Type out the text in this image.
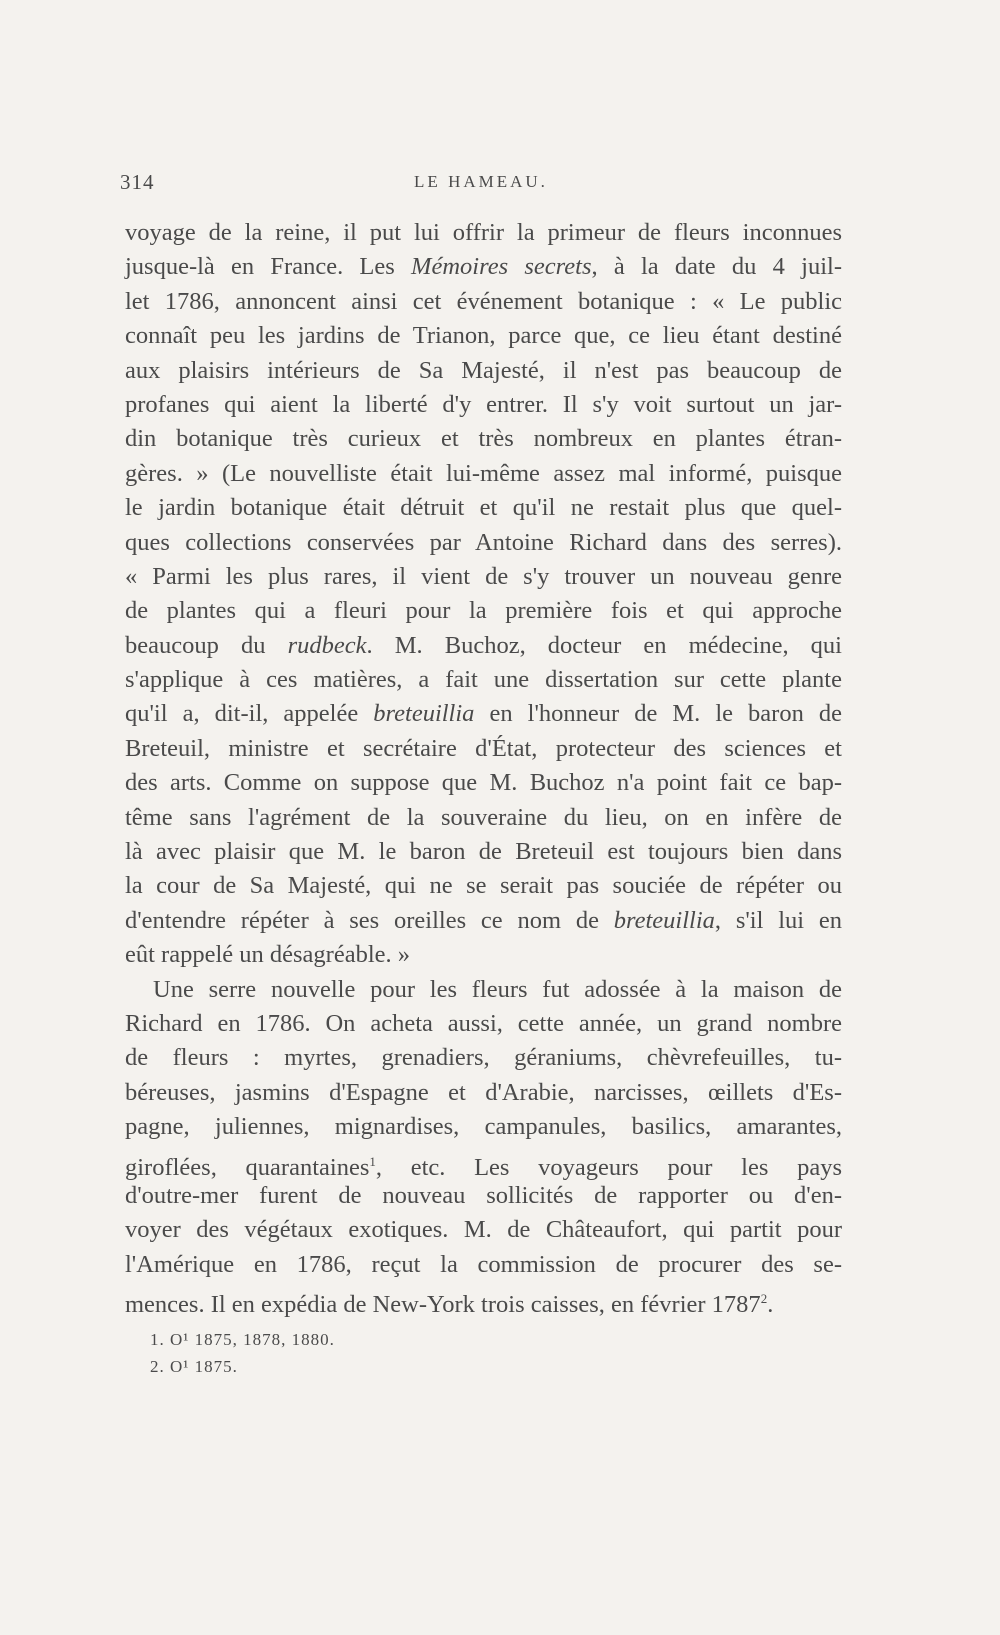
314	LE HAMEAU.
voyage de la reine, il put lui offrir la primeur de fleurs inconnues
jusque-là en France. Les Mémoires secrets, à la date du 4 juil-
let 1786, annoncent ainsi cet événement botanique : « Le public
connaît peu les jardins de Trianon, parce que, ce lieu étant destiné
aux plaisirs intérieurs de Sa Majesté, il n'est pas beaucoup de
profanes qui aient la liberté d'y entrer. Il s'y voit surtout un jar-
din botanique très curieux et très nombreux en plantes étran-
gères. » (Le nouvelliste était lui-même assez mal informé, puisque
le jardin botanique était détruit et qu'il ne restait plus que quel-
ques collections conservées par Antoine Richard dans des serres).
« Parmi les plus rares, il vient de s'y trouver un nouveau genre
de plantes qui a fleuri pour la première fois et qui approche
beaucoup du rudbeck. M. Buchoz, docteur en médecine, qui
s'applique à ces matières, a fait une dissertation sur cette plante
qu'il a, dit-il, appelée breteuillia en l'honneur de M. le baron de
Breteuil, ministre et secrétaire d'État, protecteur des sciences et
des arts. Comme on suppose que M. Buchoz n'a point fait ce bap-
tême sans l'agrément de la souveraine du lieu, on en infère de
là avec plaisir que M. le baron de Breteuil est toujours bien dans
la cour de Sa Majesté, qui ne se serait pas souciée de répéter ou
d'entendre répéter à ses oreilles ce nom de breteuillia, s'il lui en
eût rappelé un désagréable. »
Une serre nouvelle pour les fleurs fut adossée à la maison de
Richard en 1786. On acheta aussi, cette année, un grand nombre
de fleurs : myrtes, grenadiers, géraniums, chèvrefeuilles, tu-
béreuses, jasmins d'Espagne et d'Arabie, narcisses, œillets d'Es-
pagne, juliennes, mignardises, campanules, basilics, amarantes,
giroflées, quarantaines$^1$, etc. Les voyageurs pour les pays
d'outre-mer furent de nouveau sollicités de rapporter ou d'en-
voyer des végétaux exotiques. M. de Châteaufort, qui partit pour
l'Amérique en 1786, reçut la commission de procurer des se-
mences. Il en expédia de New-York trois caisses, en février 1787$^2$.
1. O¹ 1875, 1878, 1880.
2. O¹ 1875.
